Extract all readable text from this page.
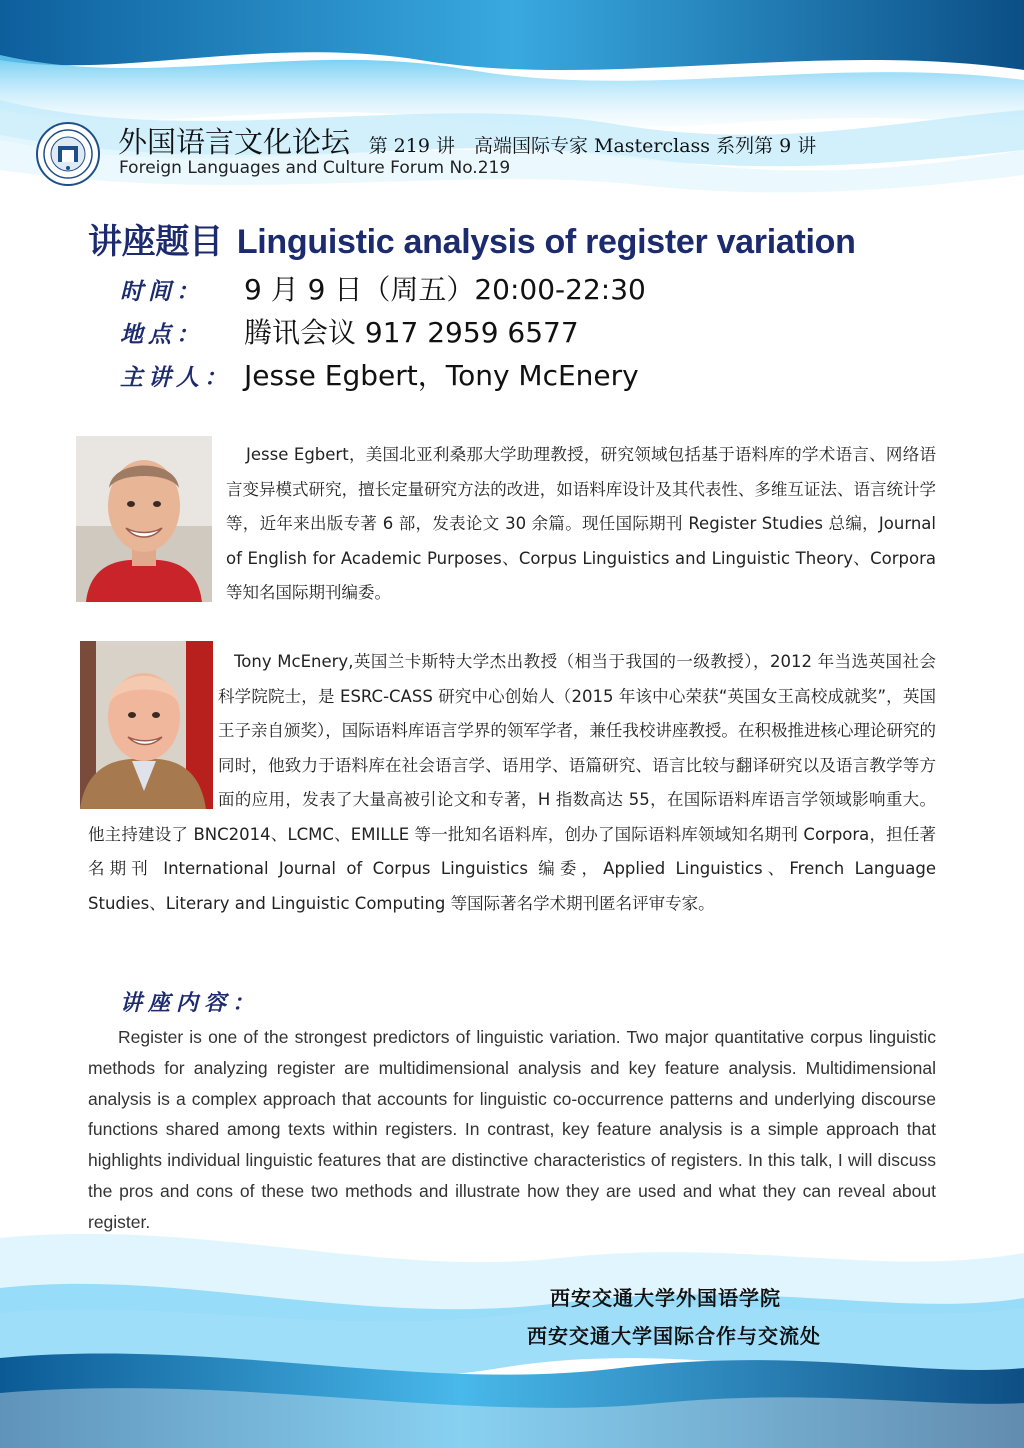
外国语言文化论坛 第 219 讲　高端国际专家 Masterclass 系列第 9 讲
Foreign Languages and Culture Forum No.219
讲座题目 Linguistic analysis of register variation
时间： 9 月 9 日（周五）20:00-22:30
地点： 腾讯会议 917 2959 6577
主讲人： Jesse Egbert，Tony McEnery

Jesse Egbert，美国北亚利桑那大学助理教授，研究领域包括基于语料库的学术语言、网络语言变异模式研究，擅长定量研究方法的改进，如语料库设计及其代表性、多维互证法、语言统计学等，近年来出版专著 6 部，发表论文 30 余篇。现任国际期刊 Register Studies 总编，Journal of English for Academic Purposes、Corpus Linguistics and Linguistic Theory、Corpora 等知名国际期刊编委。

Tony McEnery,英国兰卡斯特大学杰出教授（相当于我国的一级教授），2012 年当选英国社会科学院院士，是 ESRC-CASS 研究中心创始人（2015 年该中心荣获“英国女王高校成就奖”，英国王子亲自颁奖），国际语料库语言学界的领军学者，兼任我校讲座教授。在积极推进核心理论研究的同时，他致力于语料库在社会语言学、语用学、语篇研究、语言比较与翻译研究以及语言教学等方面的应用，发表了大量高被引论文和专著，H 指数高达 55，在国际语料库语言学领域影响重大。他主持建设了 BNC2014、LCMC、EMILLE 等一批知名语料库，创办了国际语料库领域知名期刊 Corpora，担任著名期刊 International Journal of Corpus Linguistics 编委，Applied Linguistics、French Language Studies、Literary and Linguistic Computing 等国际著名学术期刊匿名评审专家。

讲座内容：

Register is one of the strongest predictors of linguistic variation. Two major quantitative corpus linguistic methods for analyzing register are multidimensional analysis and key feature analysis. Multidimensional analysis is a complex approach that accounts for linguistic co-occurrence patterns and underlying discourse functions shared among texts within registers. In contrast, key feature analysis is a simple approach that highlights individual linguistic features that are distinctive characteristics of registers. In this talk, I will discuss the pros and cons of these two methods and illustrate how they are used and what they can reveal about register.

西安交通大学外国语学院
西安交通大学国际合作与交流处
